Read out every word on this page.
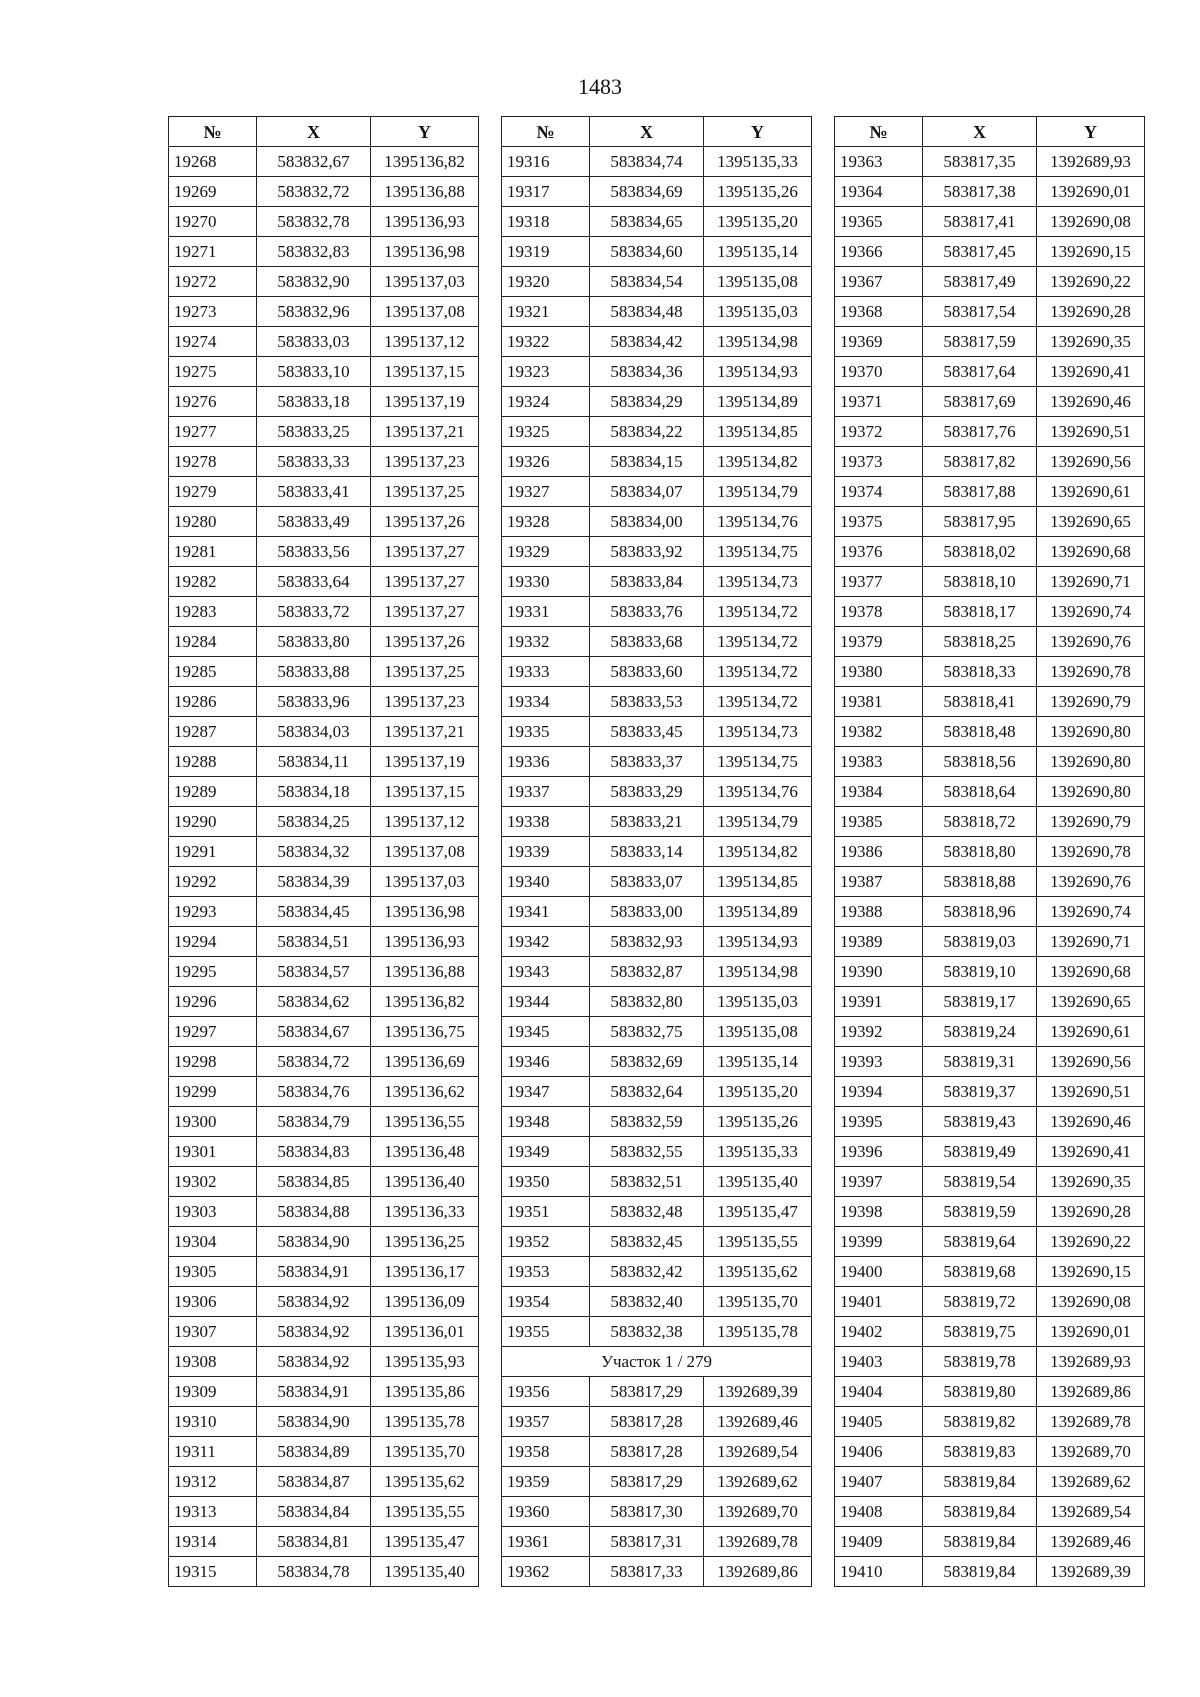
1483
№	X	Y
19268	583832,67	1395136,82
19269	583832,72	1395136,88
19270	583832,78	1395136,93
19271	583832,83	1395136,98
19272	583832,90	1395137,03
19273	583832,96	1395137,08
19274	583833,03	1395137,12
19275	583833,10	1395137,15
19276	583833,18	1395137,19
19277	583833,25	1395137,21
19278	583833,33	1395137,23
19279	583833,41	1395137,25
19280	583833,49	1395137,26
19281	583833,56	1395137,27
19282	583833,64	1395137,27
19283	583833,72	1395137,27
19284	583833,80	1395137,26
19285	583833,88	1395137,25
19286	583833,96	1395137,23
19287	583834,03	1395137,21
19288	583834,11	1395137,19
19289	583834,18	1395137,15
19290	583834,25	1395137,12
19291	583834,32	1395137,08
19292	583834,39	1395137,03
19293	583834,45	1395136,98
19294	583834,51	1395136,93
19295	583834,57	1395136,88
19296	583834,62	1395136,82
19297	583834,67	1395136,75
19298	583834,72	1395136,69
19299	583834,76	1395136,62
19300	583834,79	1395136,55
19301	583834,83	1395136,48
19302	583834,85	1395136,40
19303	583834,88	1395136,33
19304	583834,90	1395136,25
19305	583834,91	1395136,17
19306	583834,92	1395136,09
19307	583834,92	1395136,01
19308	583834,92	1395135,93
19309	583834,91	1395135,86
19310	583834,90	1395135,78
19311	583834,89	1395135,70
19312	583834,87	1395135,62
19313	583834,84	1395135,55
19314	583834,81	1395135,47
19315	583834,78	1395135,40
№	X	Y
19316	583834,74	1395135,33
19317	583834,69	1395135,26
19318	583834,65	1395135,20
19319	583834,60	1395135,14
19320	583834,54	1395135,08
19321	583834,48	1395135,03
19322	583834,42	1395134,98
19323	583834,36	1395134,93
19324	583834,29	1395134,89
19325	583834,22	1395134,85
19326	583834,15	1395134,82
19327	583834,07	1395134,79
19328	583834,00	1395134,76
19329	583833,92	1395134,75
19330	583833,84	1395134,73
19331	583833,76	1395134,72
19332	583833,68	1395134,72
19333	583833,60	1395134,72
19334	583833,53	1395134,72
19335	583833,45	1395134,73
19336	583833,37	1395134,75
19337	583833,29	1395134,76
19338	583833,21	1395134,79
19339	583833,14	1395134,82
19340	583833,07	1395134,85
19341	583833,00	1395134,89
19342	583832,93	1395134,93
19343	583832,87	1395134,98
19344	583832,80	1395135,03
19345	583832,75	1395135,08
19346	583832,69	1395135,14
19347	583832,64	1395135,20
19348	583832,59	1395135,26
19349	583832,55	1395135,33
19350	583832,51	1395135,40
19351	583832,48	1395135,47
19352	583832,45	1395135,55
19353	583832,42	1395135,62
19354	583832,40	1395135,70
19355	583832,38	1395135,78
Участок 1 / 279		
19356	583817,29	1392689,39
19357	583817,28	1392689,46
19358	583817,28	1392689,54
19359	583817,29	1392689,62
19360	583817,30	1392689,70
19361	583817,31	1392689,78
19362	583817,33	1392689,86
№	X	Y
19363	583817,35	1392689,93
19364	583817,38	1392690,01
19365	583817,41	1392690,08
19366	583817,45	1392690,15
19367	583817,49	1392690,22
19368	583817,54	1392690,28
19369	583817,59	1392690,35
19370	583817,64	1392690,41
19371	583817,69	1392690,46
19372	583817,76	1392690,51
19373	583817,82	1392690,56
19374	583817,88	1392690,61
19375	583817,95	1392690,65
19376	583818,02	1392690,68
19377	583818,10	1392690,71
19378	583818,17	1392690,74
19379	583818,25	1392690,76
19380	583818,33	1392690,78
19381	583818,41	1392690,79
19382	583818,48	1392690,80
19383	583818,56	1392690,80
19384	583818,64	1392690,80
19385	583818,72	1392690,79
19386	583818,80	1392690,78
19387	583818,88	1392690,76
19388	583818,96	1392690,74
19389	583819,03	1392690,71
19390	583819,10	1392690,68
19391	583819,17	1392690,65
19392	583819,24	1392690,61
19393	583819,31	1392690,56
19394	583819,37	1392690,51
19395	583819,43	1392690,46
19396	583819,49	1392690,41
19397	583819,54	1392690,35
19398	583819,59	1392690,28
19399	583819,64	1392690,22
19400	583819,68	1392690,15
19401	583819,72	1392690,08
19402	583819,75	1392690,01
19403	583819,78	1392689,93
19404	583819,80	1392689,86
19405	583819,82	1392689,78
19406	583819,83	1392689,70
19407	583819,84	1392689,62
19408	583819,84	1392689,54
19409	583819,84	1392689,46
19410	583819,84	1392689,39
